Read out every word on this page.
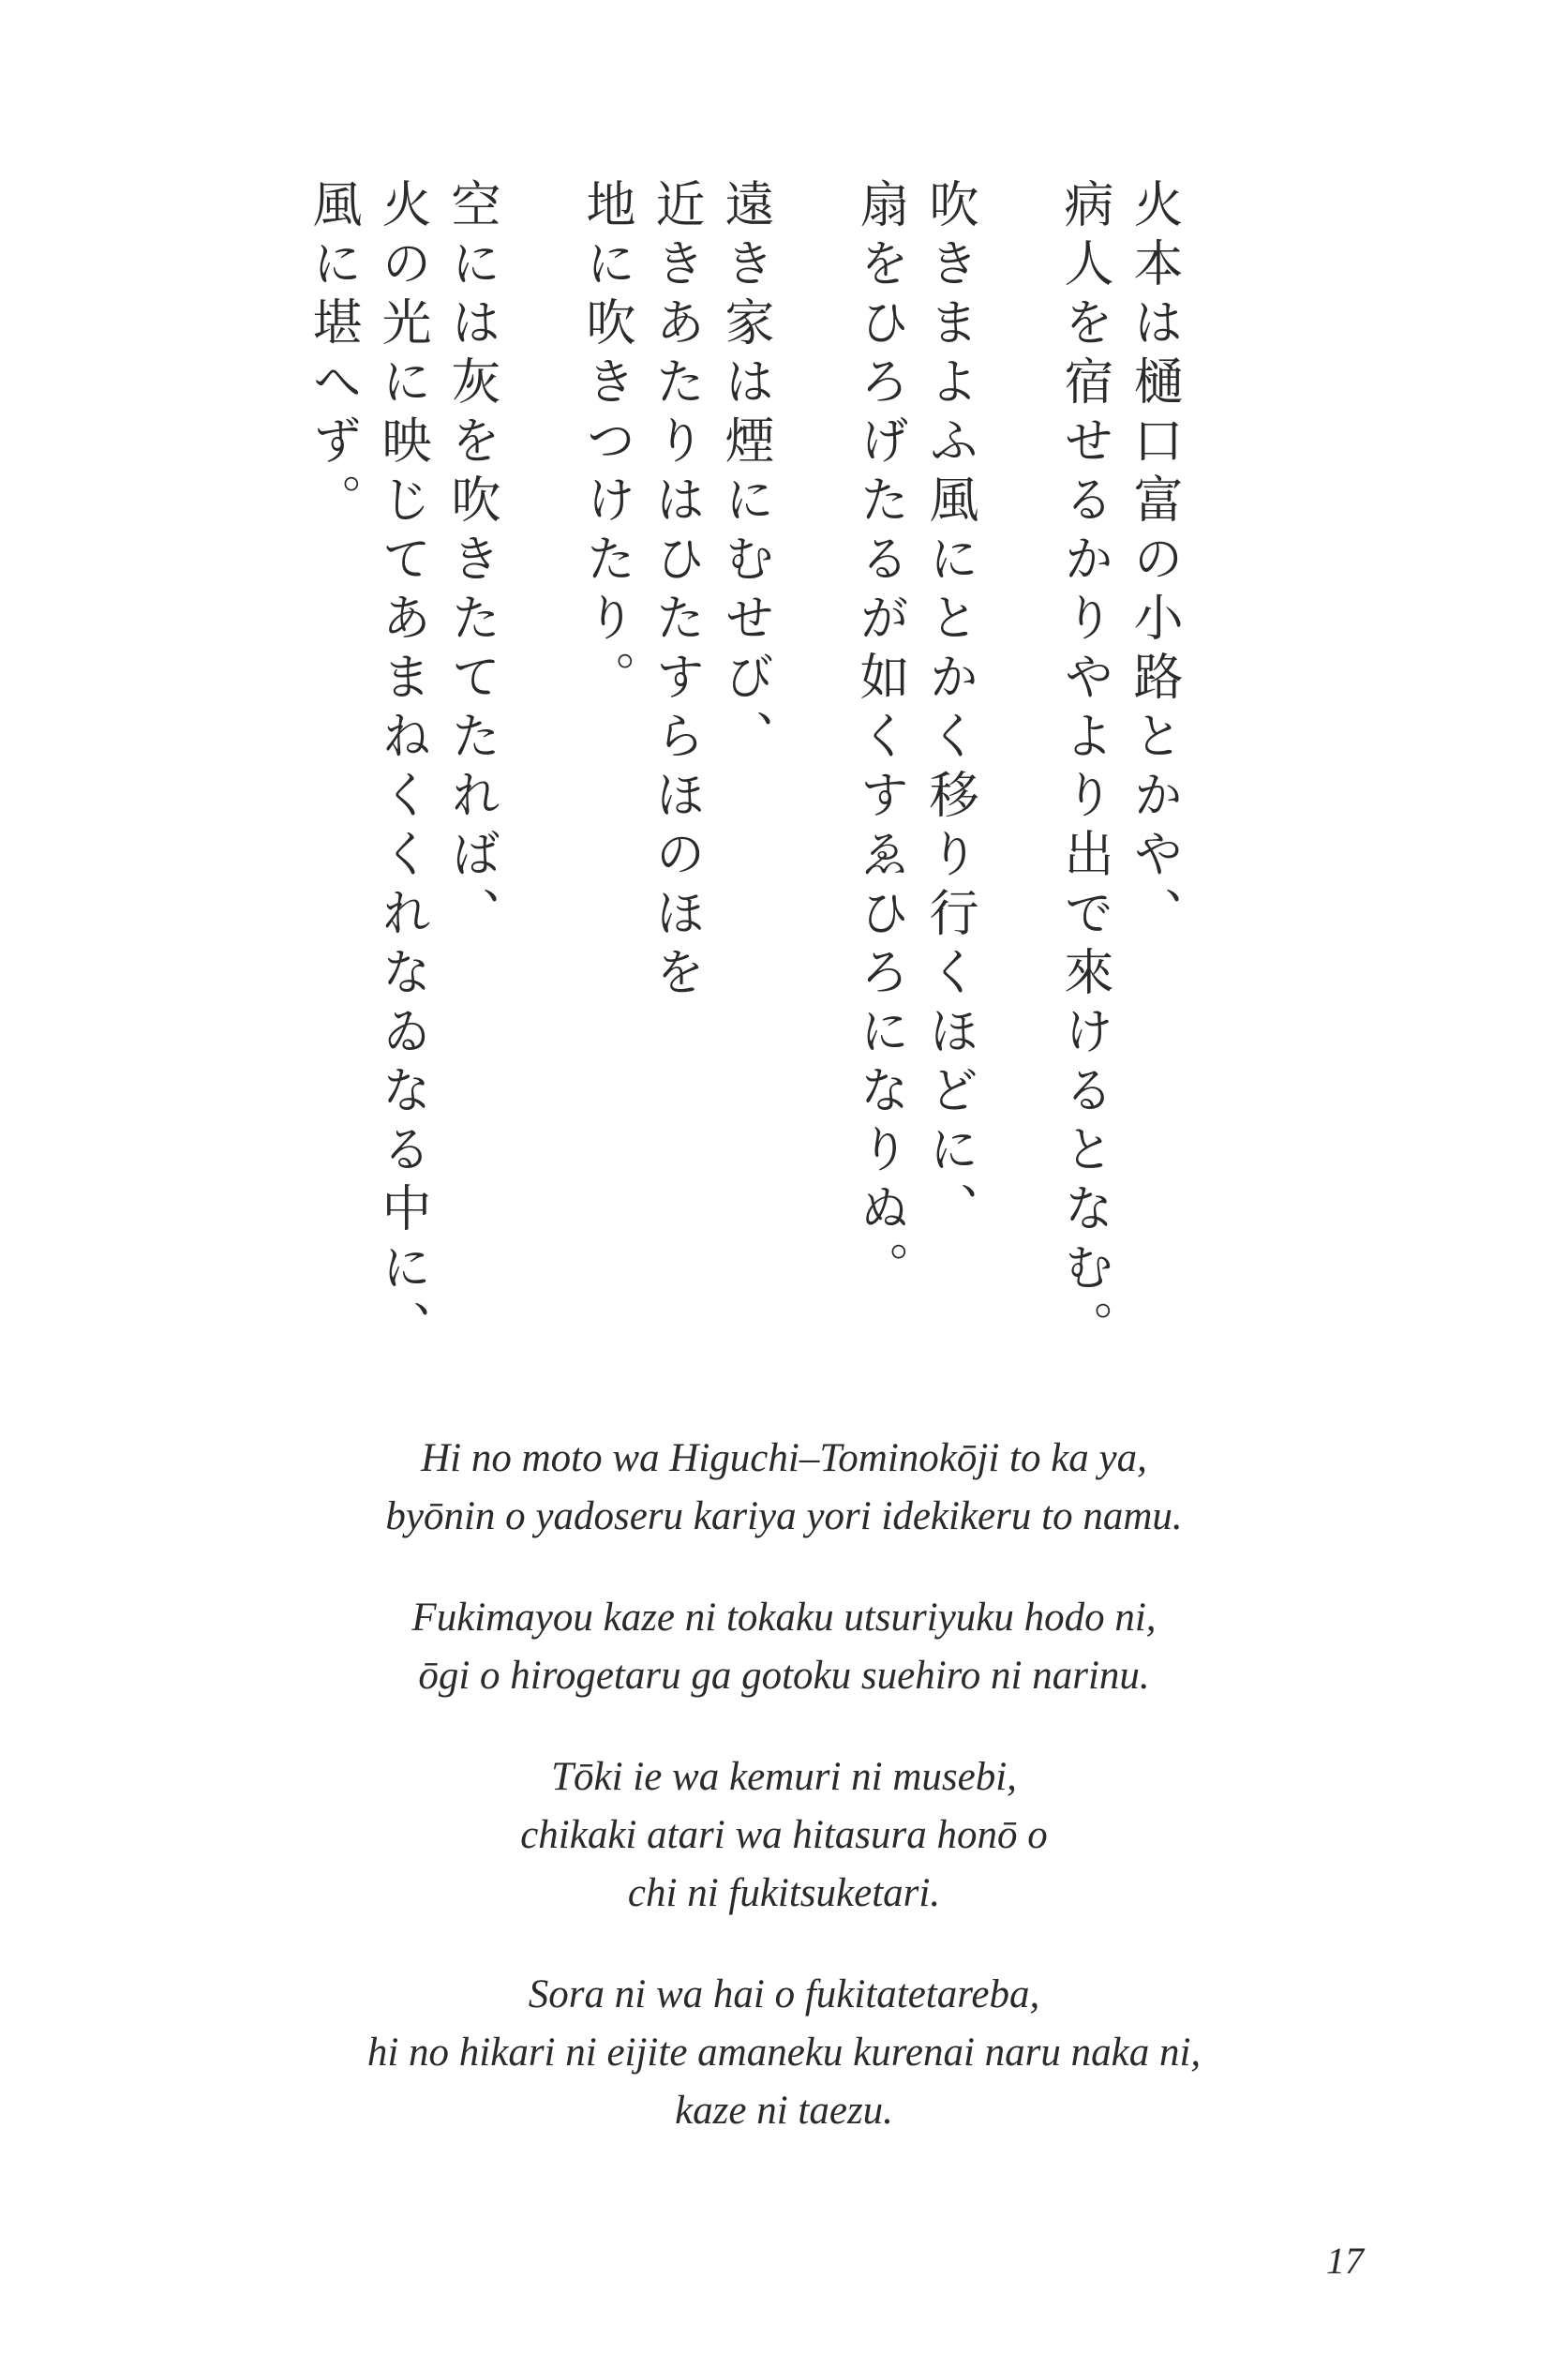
火本は樋口富の小路とかや、
病人を宿せるかりやより出で來けるとなむ。
吹きまよふ風にとかく移り行くほどに、
扇をひろげたるが如くすゑひろになりぬ。
遠き家は煙にむせび、
近きあたりはひたすらほのほを
地に吹きつけたり。
空には灰を吹きたてたれば、
火の光に映じてあまねくくれなゐなる中に、
風に堪へず。
Hi no moto wa Higuchi–Tominokōji to ka ya,
byōnin o yadoseru kariya yori idekikeru to namu.
Fukimayou kaze ni tokaku utsuriyuku hodo ni,
ōgi o hirogetaru ga gotoku suehiro ni narinu.
Tōki ie wa kemuri ni musebi,
chikaki atari wa hitasura honō o
chi ni fukitsuketari.
Sora ni wa hai o fukitatetareba,
hi no hikari ni eijite amaneku kurenai naru naka ni,
kaze ni taezu.
17
